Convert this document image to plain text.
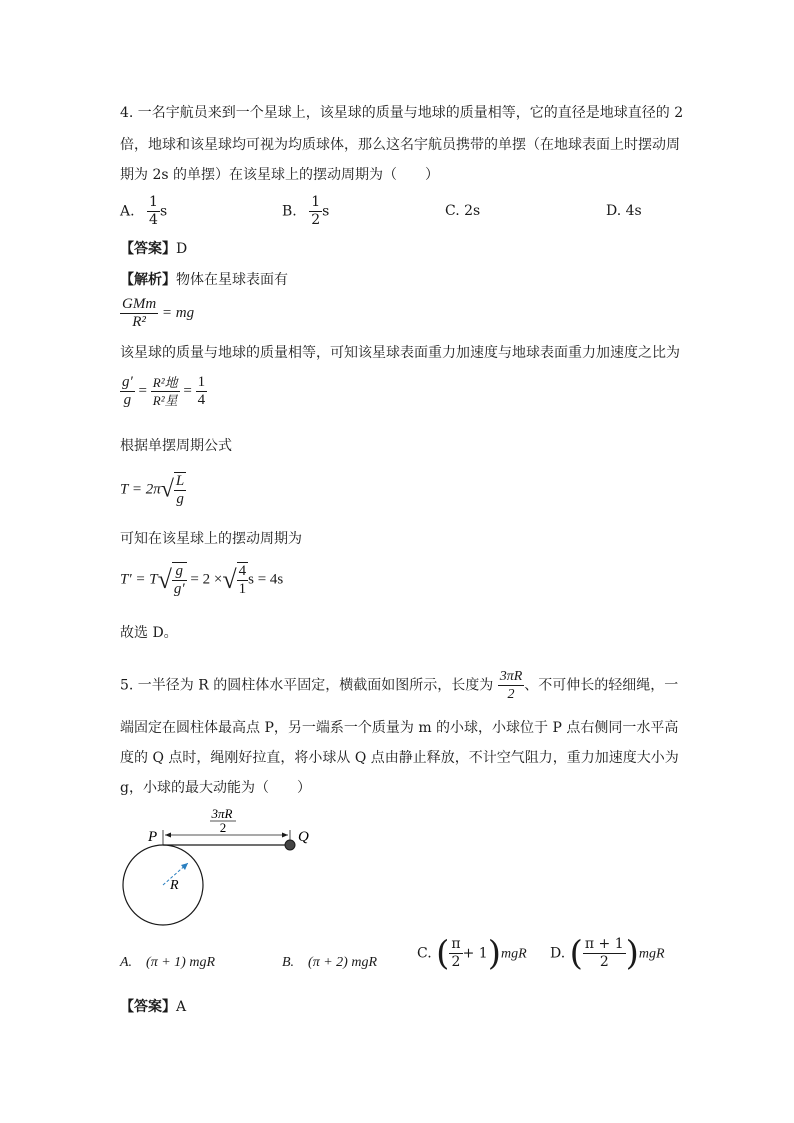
4. 一名宇航员来到一个星球上，该星球的质量与地球的质量相等，它的直径是地球直径的 2
倍，地球和该星球均可视为均质球体，那么这名宇航员携带的单摆（在地球表面上时摆动周
期为 2s 的单摆）在该星球上的摆动周期为（　　）
A. $\frac{1}{4}$ s	B. $\frac{1}{2}$ s	C. 2s	D. 4s
【答案】D
【解析】物体在星球表面有
$\frac{\text{GMm}}{\text{R²}}$ = mg
该星球的质量与地球的质量相等，可知该星球表面重力加速度与地球表面重力加速度之比为
$\frac{g'}{g} = \frac{\text{R²地}}{\text{R²星}} = \frac{1}{4}$
根据单摆周期公式
$T = 2\pi√ \frac{L}{g}$
可知在该星球上的摆动周期为
$T' = T√ \frac{g}{g'} = 2$ ×√ $\frac{4}{1}$ s = 4s
故选 D。
5. 一半径为 R 的圆柱体水平固定，横截面如图所示，长度为 $\frac{3\pi R}{2}$ 、不可伸长的轻细绳，一
端固定在圆柱体最高点 P，另一端系一个质量为 m 的小球，小球位于 P 点右侧同一水平高
度的 Q 点时，绳刚好拉直，将小球从 Q 点由静止释放，不计空气阻力，重力加速度大小为
g，小球的最大动能为（　　）
P	Q
R
3πR
2
A.　(π + 1) mgR	B.　(π + 2) mgR
C. ( $\frac{\pi}{2} + 1)mgR$ D. ( $\frac{\pi + 1}{2} )mgR$
【答案】A
